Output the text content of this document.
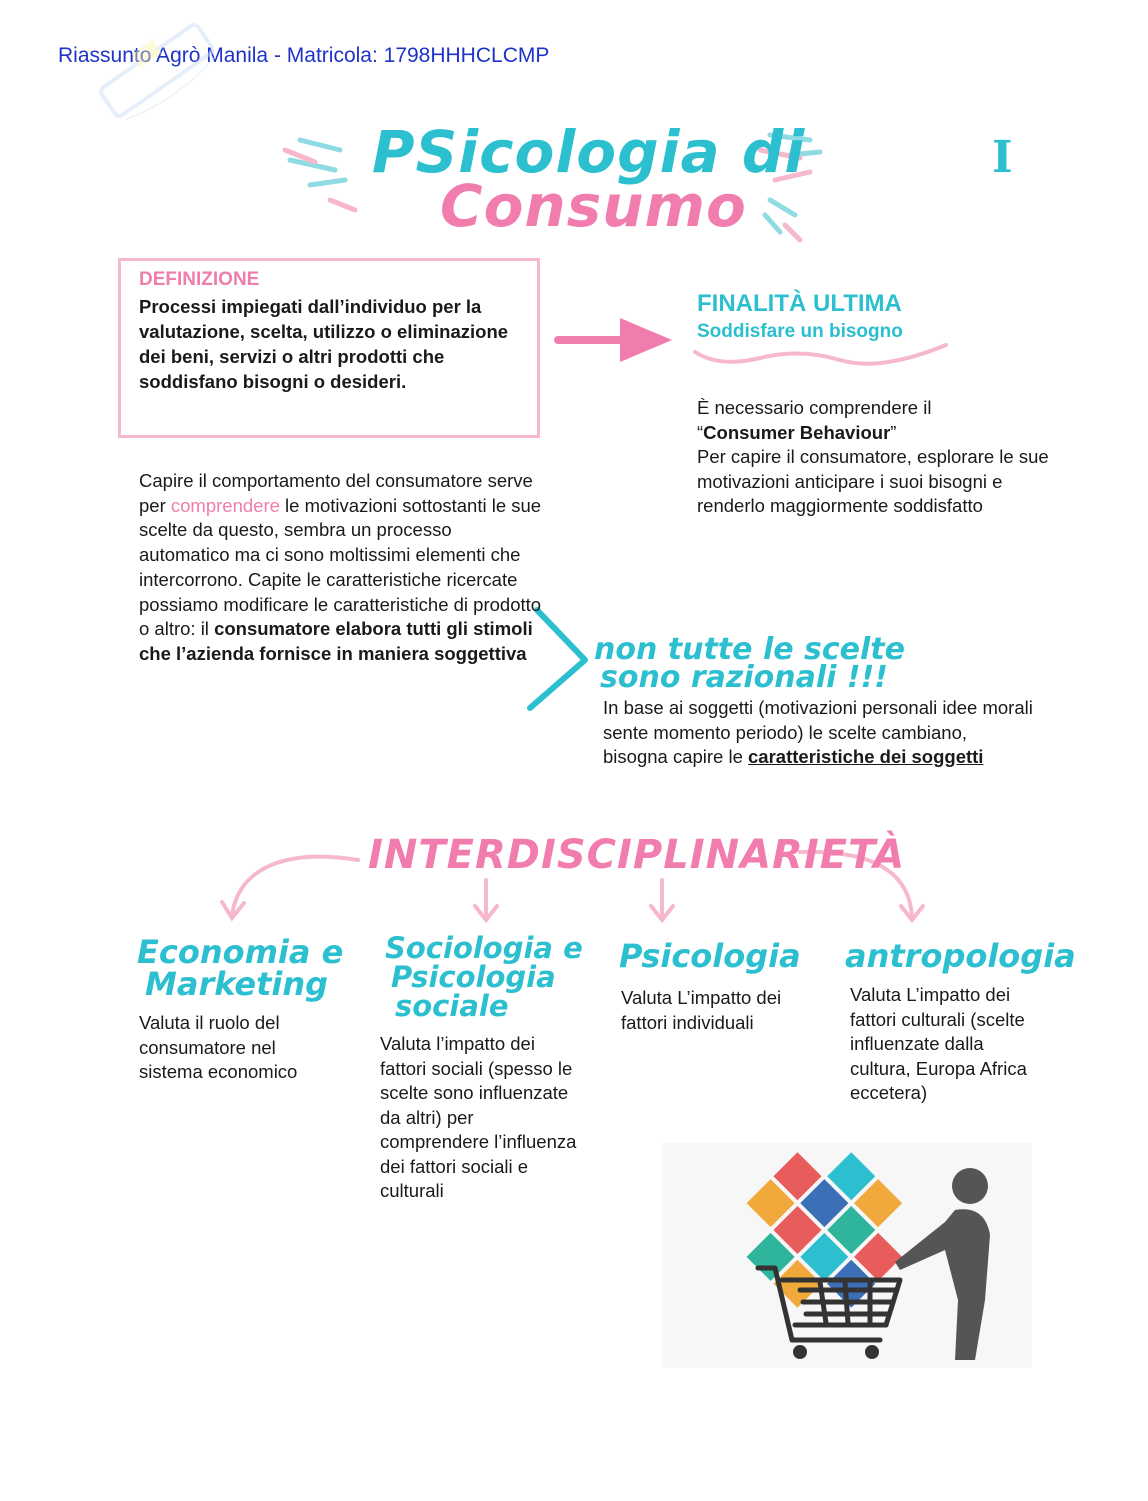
Riassunto Agrò Manila - Matricola: 1798HHHCLCMP
PSicologia di
Consumo
I
DEFINIZIONE
Processi impiegati dall’individuo per la valutazione, scelta, utilizzo o eliminazione dei beni, servizi o altri prodotti che soddisfano bisogni o desideri.
FINALITÀ ULTIMA
Soddisfare un bisogno
È necessario comprendere il
“Consumer Behaviour”
Per capire il consumatore, esplorare le sue motivazioni anticipare i suoi bisogni e renderlo maggiormente soddisfatto
Capire il comportamento del consumatore serve per comprendere le motivazioni sottostanti le sue scelte da questo, sembra un processo automatico ma ci sono moltissimi elementi che intercorrono. Capite le caratteristiche ricercate possiamo modificare le caratteristiche di prodotto o altro: il consumatore elabora tutti gli stimoli che l’azienda fornisce in maniera soggettiva	non tutte le scelte
sono razionali !!!
In base ai soggetti (motivazioni personali idee morali sente momento periodo) le scelte cambiano, bisogna capire le caratteristiche dei soggetti
INTERDISCIPLINARIETÀ
Economia e
Marketing
Valuta il ruolo del consumatore nel sistema economico
Sociologia e
Psicologia
sociale
Valuta l’impatto dei fattori sociali (spesso le scelte sono influenzate da altri) per comprendere l’influenza dei fattori sociali e culturali
Psicologia
Valuta L’impatto dei fattori individuali
antropologia
Valuta L’impatto dei fattori culturali (scelte influenzate dalla cultura, Europa Africa eccetera)
